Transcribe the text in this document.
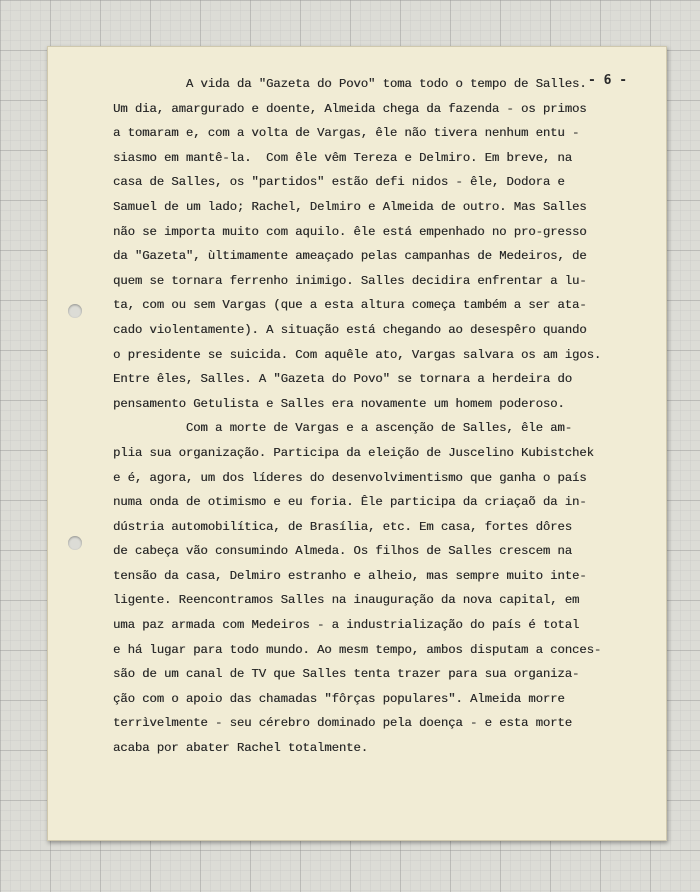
- 6 -
A vida da "Gazeta do Povo" toma todo o tempo de Salles.
Um dia, amargurado e doente, Almeida chega da fazenda - os primos
a tomaram e, com a volta de Vargas, êle não tivera nenhum entu -
siasmo em mantê-la.  Com êle vêm Tereza e Delmiro. Em breve, na
casa de Salles, os "partidos" estão defi nidos - êle, Dodora e
Samuel de um lado; Rachel, Delmiro e Almeida de outro. Mas Salles
não se importa muito com aquilo. êle está empenhado no pro-gresso
da "Gazeta", ùltimamente ameaçado pelas campanhas de Medeiros, de
quem se tornara ferrenho inimigo. Salles decidira enfrentar a lu-
ta, com ou sem Vargas (que a esta altura começa também a ser ata-
cado violentamente). A situação está chegando ao desespêro quando
o presidente se suicida. Com aquêle ato, Vargas salvara os am igos.
Entre êles, Salles. A "Gazeta do Povo" se tornara a herdeira do
pensamento Getulista e Salles era novamente um homem poderoso.
Com a morte de Vargas e a ascenção de Salles, êle am-
plia sua organização. Participa da eleição de Juscelino Kubistchek
e é, agora, um dos líderes do desenvolvimentismo que ganha o país
numa onda de otimismo e eu foria. Êle participa da criaçaõ da in-
dústria automobilítica, de Brasília, etc. Em casa, fortes dôres
de cabeça vão consumindo Almeda. Os filhos de Salles crescem na
tensão da casa, Delmiro estranho e alheio, mas sempre muito inte-
ligente. Reencontramos Salles na inauguração da nova capital, em
uma paz armada com Medeiros - a industrialização do país é total
e há lugar para todo mundo. Ao mesm tempo, ambos disputam a conces-
são de um canal de TV que Salles tenta trazer para sua organiza-
ção com o apoio das chamadas "fôrças populares". Almeida morre
terrìvelmente - seu cérebro dominado pela doença - e esta morte
acaba por abater Rachel totalmente.
